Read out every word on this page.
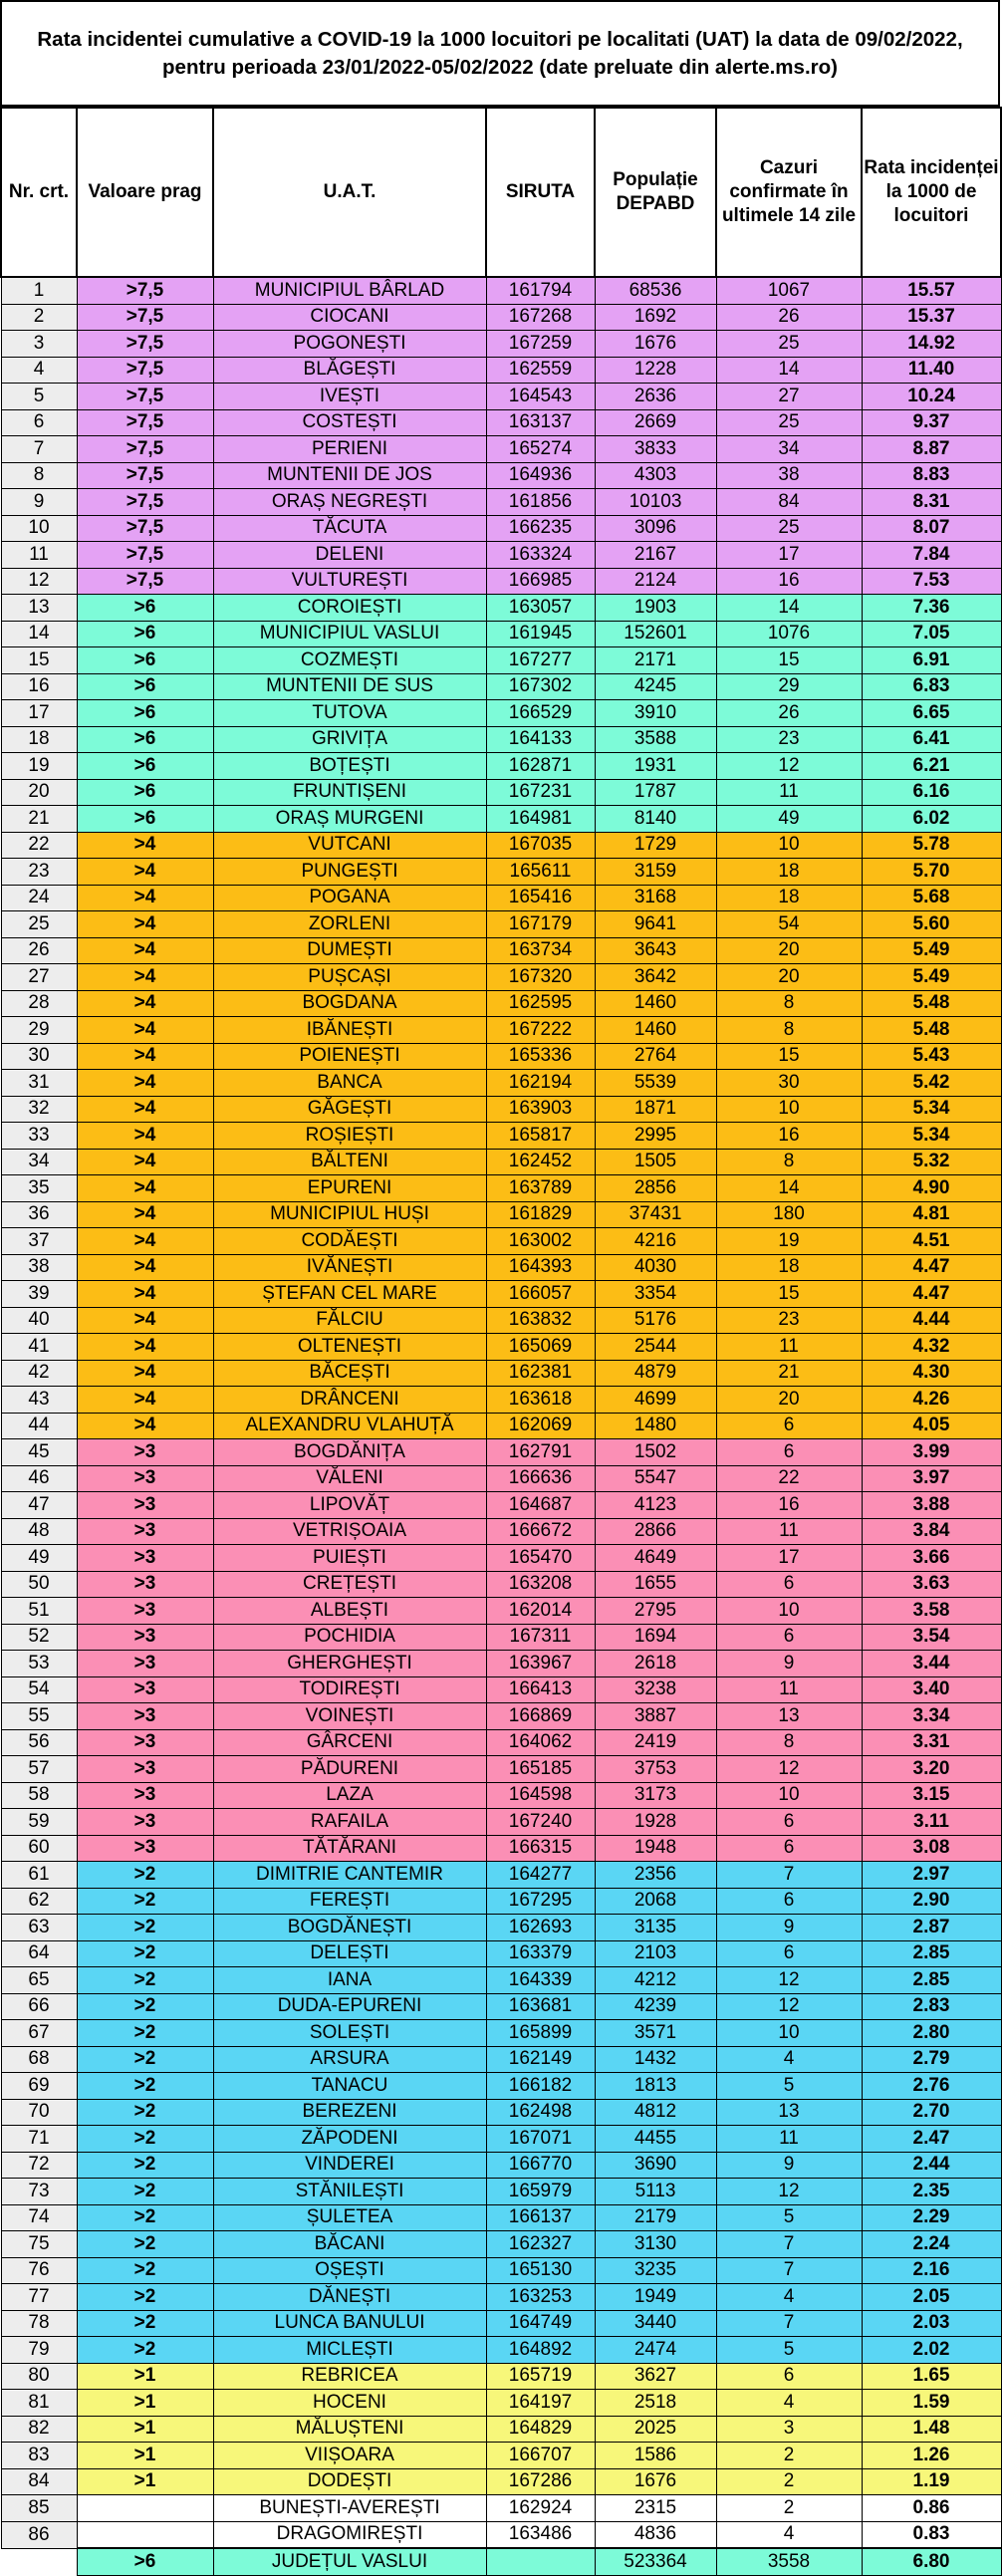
Rata incidentei cumulative a COVID-19 la 1000 locuitori pe localitati (UAT) la data de 09/02/2022,
pentru perioada 23/01/2022-05/02/2022 (date preluate din alerte.ms.ro)
Nr. crt.	Valoare prag	U.A.T.	SIRUTA	Populație DEPABD	Cazuri confirmate în ultimele 14 zile	Rata incidenței la 1000 de locuitori
1	>7,5	MUNICIPIUL BÂRLAD	161794	68536	1067	15.57
2	>7,5	CIOCANI	167268	1692	26	15.37
3	>7,5	POGONEȘTI	167259	1676	25	14.92
4	>7,5	BLĂGEȘTI	162559	1228	14	11.40
5	>7,5	IVEȘTI	164543	2636	27	10.24
6	>7,5	COSTEȘTI	163137	2669	25	9.37
7	>7,5	PERIENI	165274	3833	34	8.87
8	>7,5	MUNTENII DE JOS	164936	4303	38	8.83
9	>7,5	ORAȘ NEGREȘTI	161856	10103	84	8.31
10	>7,5	TĂCUTA	166235	3096	25	8.07
11	>7,5	DELENI	163324	2167	17	7.84
12	>7,5	VULTUREȘTI	166985	2124	16	7.53
13	>6	COROIEȘTI	163057	1903	14	7.36
14	>6	MUNICIPIUL VASLUI	161945	152601	1076	7.05
15	>6	COZMEȘTI	167277	2171	15	6.91
16	>6	MUNTENII DE SUS	167302	4245	29	6.83
17	>6	TUTOVA	166529	3910	26	6.65
18	>6	GRIVIȚA	164133	3588	23	6.41
19	>6	BOȚEȘTI	162871	1931	12	6.21
20	>6	FRUNTIȘENI	167231	1787	11	6.16
21	>6	ORAȘ MURGENI	164981	8140	49	6.02
22	>4	VUTCANI	167035	1729	10	5.78
23	>4	PUNGEȘTI	165611	3159	18	5.70
24	>4	POGANA	165416	3168	18	5.68
25	>4	ZORLENI	167179	9641	54	5.60
26	>4	DUMEȘTI	163734	3643	20	5.49
27	>4	PUȘCAȘI	167320	3642	20	5.49
28	>4	BOGDANA	162595	1460	8	5.48
29	>4	IBĂNEȘTI	167222	1460	8	5.48
30	>4	POIENEȘTI	165336	2764	15	5.43
31	>4	BANCA	162194	5539	30	5.42
32	>4	GĂGEȘTI	163903	1871	10	5.34
33	>4	ROȘIEȘTI	165817	2995	16	5.34
34	>4	BĂLTENI	162452	1505	8	5.32
35	>4	EPURENI	163789	2856	14	4.90
36	>4	MUNICIPIUL HUȘI	161829	37431	180	4.81
37	>4	CODĂEȘTI	163002	4216	19	4.51
38	>4	IVĂNEȘTI	164393	4030	18	4.47
39	>4	ȘTEFAN CEL MARE	166057	3354	15	4.47
40	>4	FĂLCIU	163832	5176	23	4.44
41	>4	OLTENEȘTI	165069	2544	11	4.32
42	>4	BĂCEȘTI	162381	4879	21	4.30
43	>4	DRÂNCENI	163618	4699	20	4.26
44	>4	ALEXANDRU VLAHUȚĂ	162069	1480	6	4.05
45	>3	BOGDĂNIȚA	162791	1502	6	3.99
46	>3	VĂLENI	166636	5547	22	3.97
47	>3	LIPOVĂȚ	164687	4123	16	3.88
48	>3	VETRIȘOAIA	166672	2866	11	3.84
49	>3	PUIEȘTI	165470	4649	17	3.66
50	>3	CREȚEȘTI	163208	1655	6	3.63
51	>3	ALBEȘTI	162014	2795	10	3.58
52	>3	POCHIDIA	167311	1694	6	3.54
53	>3	GHERGHEȘTI	163967	2618	9	3.44
54	>3	TODIREȘTI	166413	3238	11	3.40
55	>3	VOINEȘTI	166869	3887	13	3.34
56	>3	GÂRCENI	164062	2419	8	3.31
57	>3	PĂDURENI	165185	3753	12	3.20
58	>3	LAZA	164598	3173	10	3.15
59	>3	RAFAILA	167240	1928	6	3.11
60	>3	TĂTĂRANI	166315	1948	6	3.08
61	>2	DIMITRIE CANTEMIR	164277	2356	7	2.97
62	>2	FEREȘTI	167295	2068	6	2.90
63	>2	BOGDĂNEȘTI	162693	3135	9	2.87
64	>2	DELEȘTI	163379	2103	6	2.85
65	>2	IANA	164339	4212	12	2.85
66	>2	DUDA-EPURENI	163681	4239	12	2.83
67	>2	SOLEȘTI	165899	3571	10	2.80
68	>2	ARSURA	162149	1432	4	2.79
69	>2	TANACU	166182	1813	5	2.76
70	>2	BEREZENI	162498	4812	13	2.70
71	>2	ZĂPODENI	167071	4455	11	2.47
72	>2	VINDEREI	166770	3690	9	2.44
73	>2	STĂNILEȘTI	165979	5113	12	2.35
74	>2	ȘULETEA	166137	2179	5	2.29
75	>2	BĂCANI	162327	3130	7	2.24
76	>2	OȘEȘTI	165130	3235	7	2.16
77	>2	DĂNEȘTI	163253	1949	4	2.05
78	>2	LUNCA BANULUI	164749	3440	7	2.03
79	>2	MICLEȘTI	164892	2474	5	2.02
80	>1	REBRICEA	165719	3627	6	1.65
81	>1	HOCENI	164197	2518	4	1.59
82	>1	MĂLUȘTENI	164829	2025	3	1.48
83	>1	VIIȘOARA	166707	1586	2	1.26
84	>1	DODEȘTI	167286	1676	2	1.19
85		BUNEȘTI-AVEREȘTI	162924	2315	2	0.86
86		DRAGOMIREȘTI	163486	4836	4	0.83
	>6	JUDEȚUL VASLUI		523364	3558	6.80
